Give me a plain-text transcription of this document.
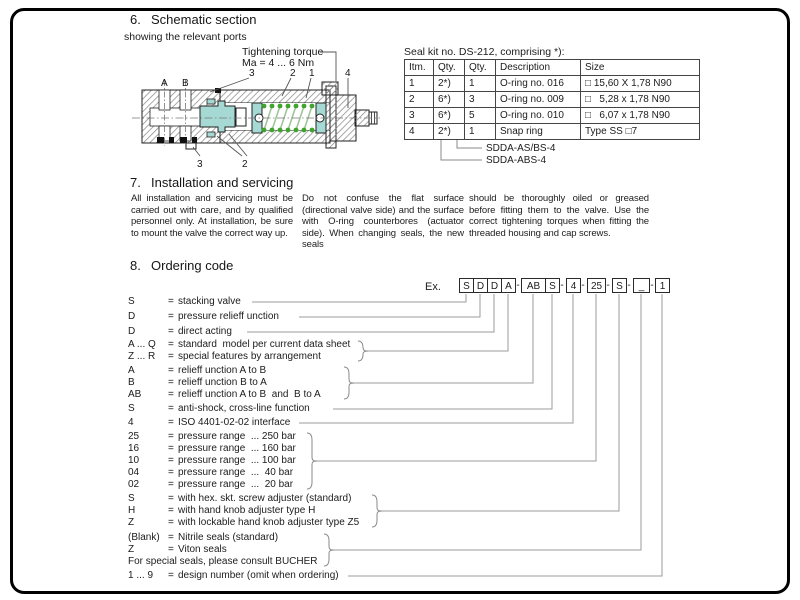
6. Schematic section
showing the relevant ports
Tightening torque
Ma = 4 ... 6 Nm
A B
3	2 1	4
3	2
Seal kit no. DS-212, comprising *):
Itm.	Qty.	Qty.	Description	Size
1	2*)	1	O-ring no. 016	□ 15,60 X 1,78 N90
2	6*)	3	O-ring no. 009	□   5,28 x 1,78 N90
3	6*)	5	O-ring no. 010	□   6,07 x 1,78 N90
4	2*)	1	Snap ring	Type SS □7
SDDA-AS/BS-4
SDDA-ABS-4
7. Installation and servicing
All installation and servicing must be carried out with care, and by qualified personnel only. At installation, be sure to mount the valve the correct way up.
Do not confuse the flat surface (directional valve side) and the surface with O-ring counterbores (actuator side). When changing seals, the new seals
should be thoroughly oiled or greased before fitting them to the valve. Use the correct tightening torques when fitting the threaded housing and cap screws.
8. Ordering code
Ex.	S D D A - AB S - 4 - 25 - S - _ - 1
S	= stacking valve
D	= pressure relieff unction
D	= direct acting
A ... Q = standard  model per current data sheet
Z ... R = special features by arrangement
A	= relieff unction A to B
B	= relieff unction B to A
AB	= relieff unction A to B  and  B to A
S	= anti-shock, cross-line function
4	= ISO 4401-02-02 interface
25	= pressure range  ... 250 bar
16	= pressure range  ... 160 bar
10	= pressure range  ... 100 bar
04	= pressure range  ...  40 bar
02	= pressure range  ...  20 bar
S	= with hex. skt. screw adjuster (standard)
H	= with hand knob adjuster type H
Z	= with lockable hand knob adjuster type Z5
(Blank) = Nitrile seals (standard)
Z	= Viton seals
For special seals, please consult BUCHER
1 ... 9 = design number (omit when ordering)
